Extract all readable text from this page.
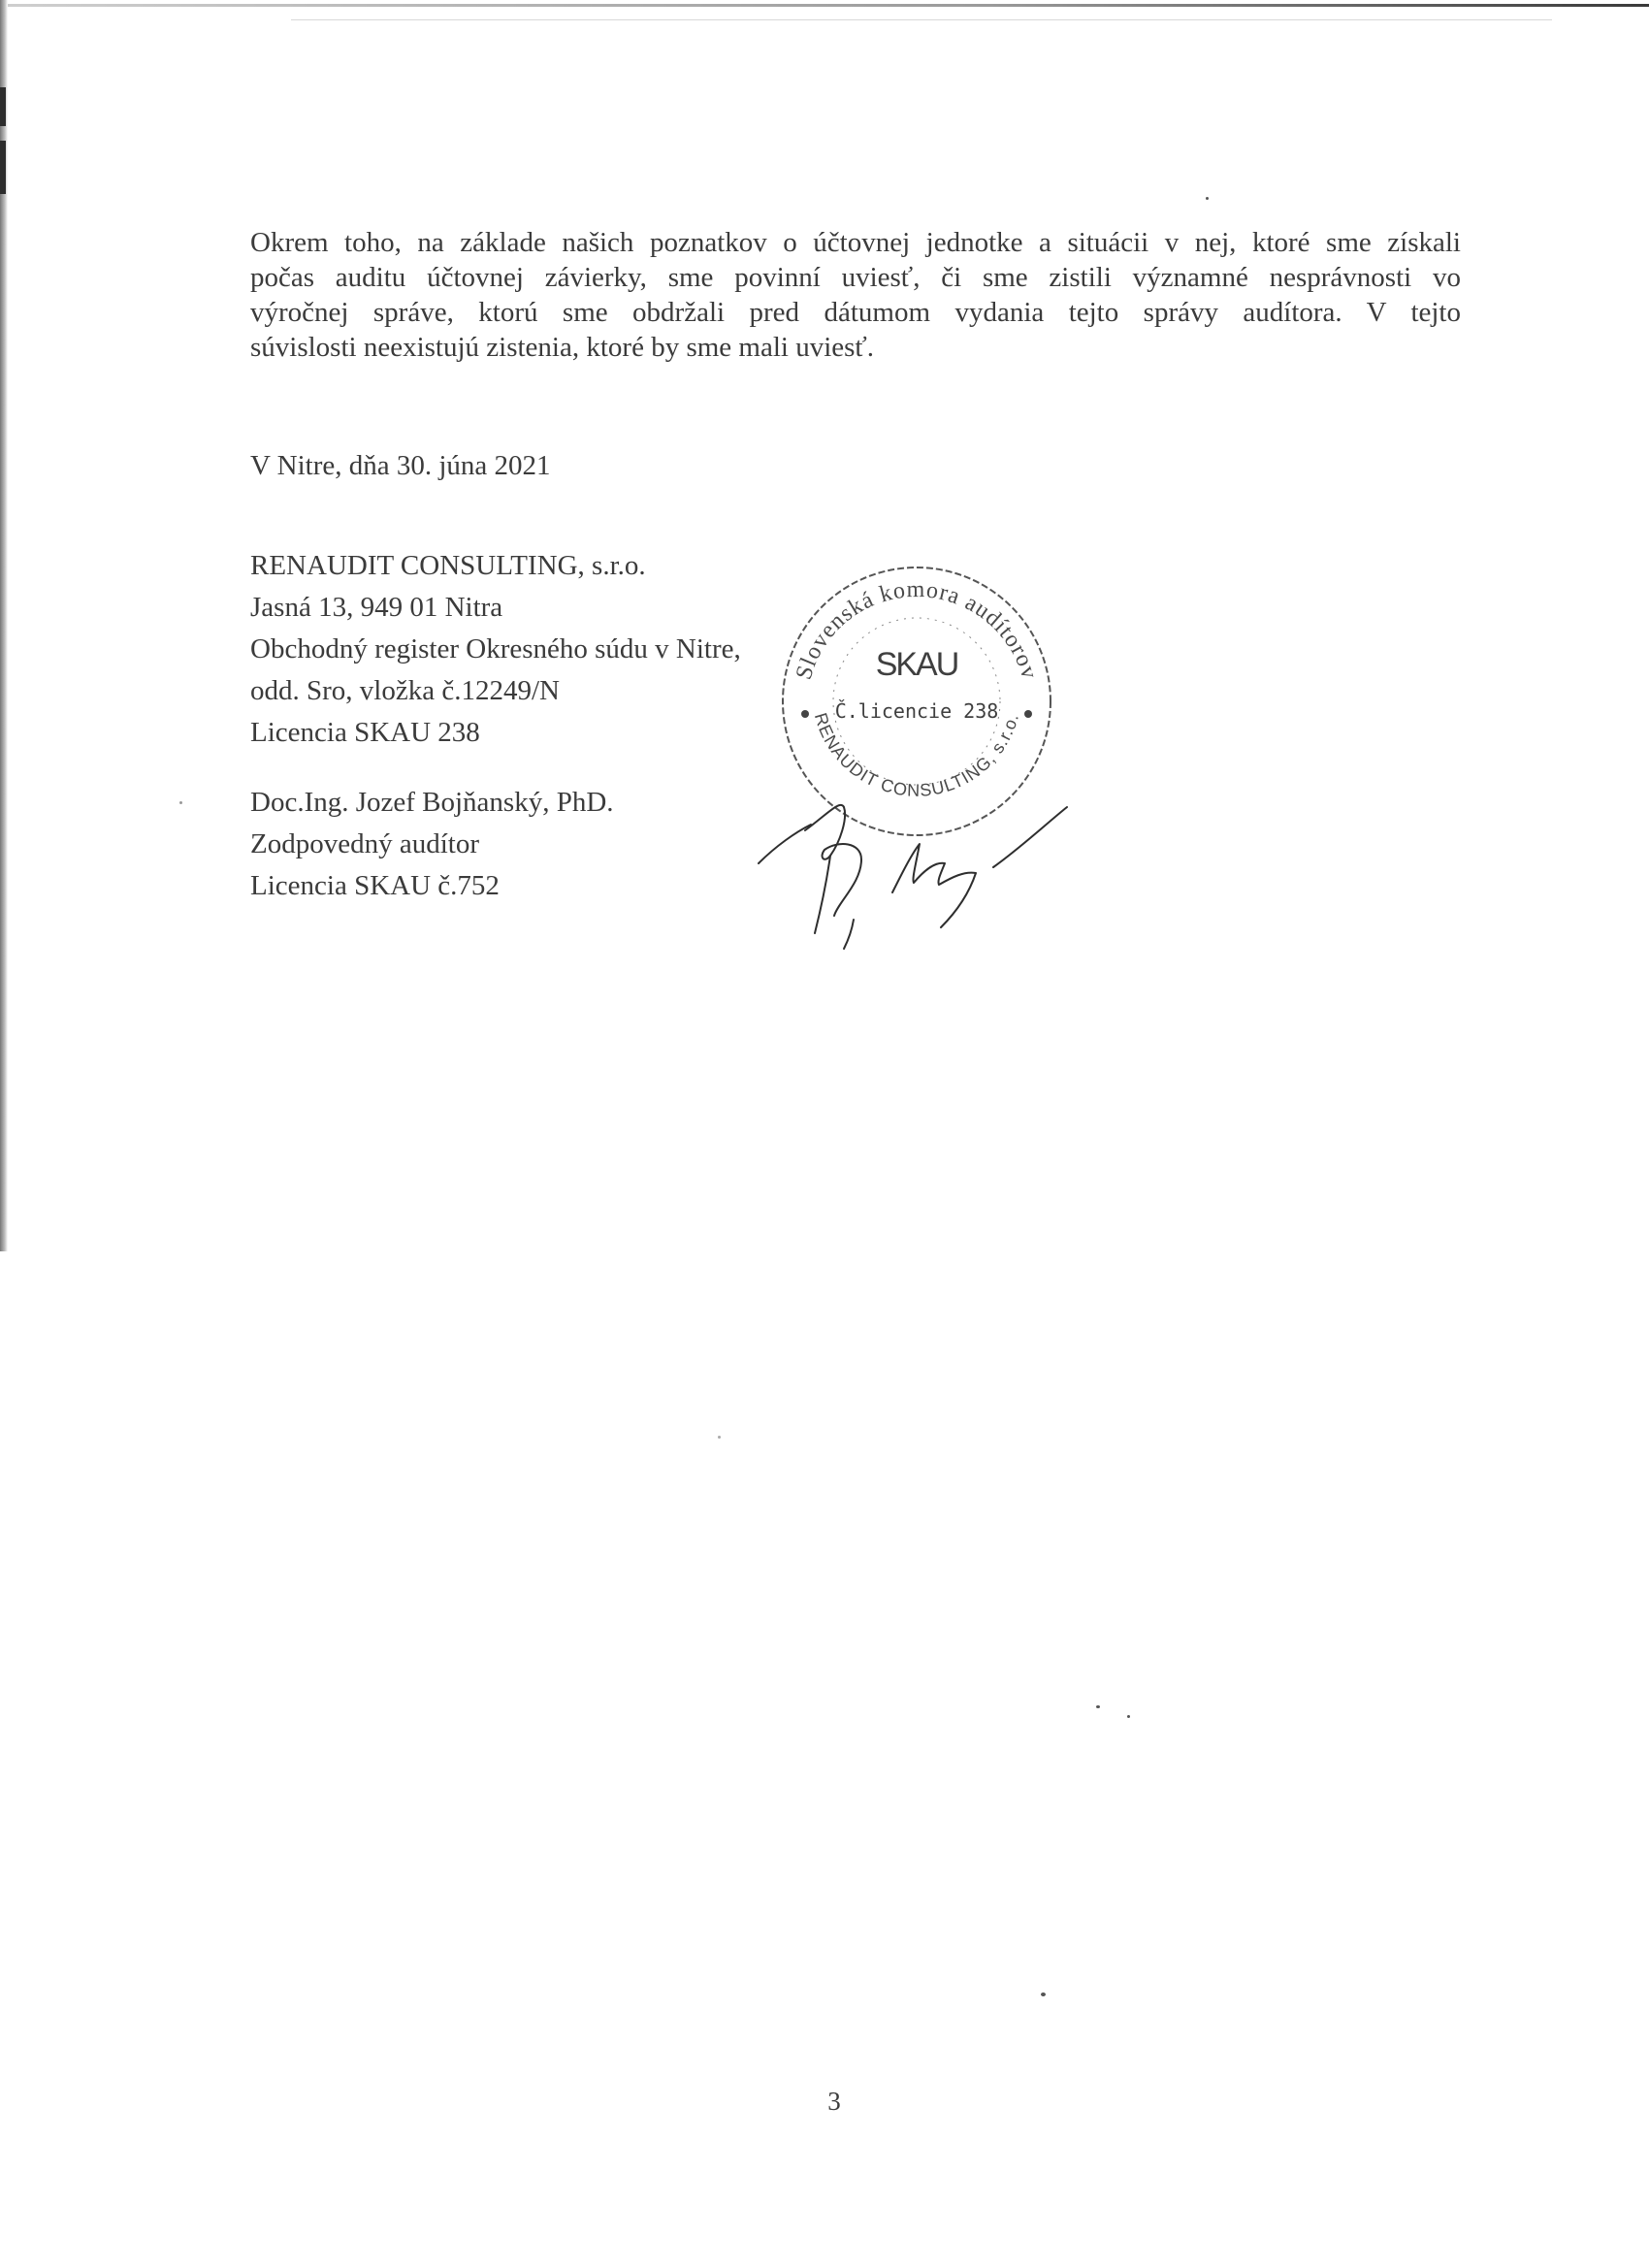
Okrem toho, na základe našich poznatkov o účtovnej jednotke a situácii v nej, ktoré sme získali
počas auditu účtovnej závierky, sme povinní uviesť, či sme zistili významné nesprávnosti vo
výročnej správe, ktorú sme obdržali pred dátumom vydania tejto správy audítora. V tejto
súvislosti neexistujú zistenia, ktoré by sme mali uviesť.
V Nitre, dňa 30. júna 2021
RENAUDIT CONSULTING, s.r.o.
Jasná 13, 949 01 Nitra
Obchodný register Okresného súdu v Nitre,
odd. Sro, vložka č.12249/N
Licencia SKAU 238
Doc.Ing. Jozef Bojňanský, PhD.
Zodpovedný audítor
Licencia SKAU č.752
Slovenská komora audítorov
RENAUDIT CONSULTING, s.r.o.
SKAU
Č.licencie 238
3
